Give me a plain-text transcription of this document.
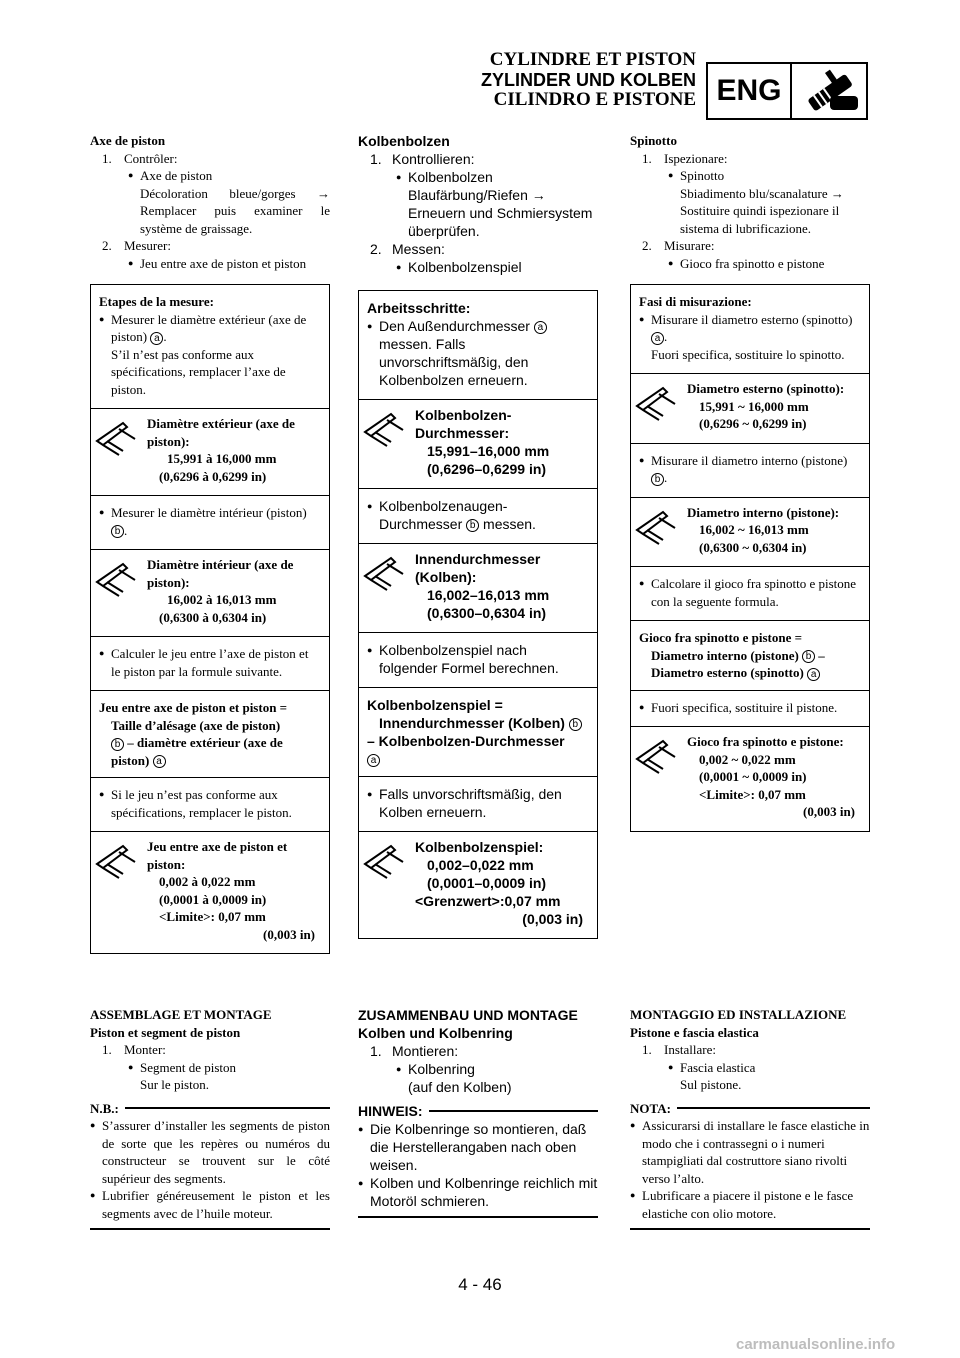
CYLINDRE ET PISTON
ZYLINDER UND KOLBEN
CILINDRO E PISTONE ENG
Axe de piston
1. Contrôler:
● Axe de piston
Décoloration bleue/gorges → Remplacer puis examiner le système de graissage.
2. Mesurer:
● Jeu entre axe de piston et piston
Etapes de la mesure:
● Mesurer le diamètre extérieur (axe de piston) a .
S’il n’est pas conforme aux spécifications, remplacer l’axe de piston.
Diamètre extérieur (axe de piston):
15,991 à 16,000 mm
(0,6296 à 0,6299 in)
● Mesurer le diamètre intérieur (piston) b .
Diamètre intérieur (axe de piston):
16,002 à 16,013 mm
(0,6300 à 0,6304 in)
● Calculer le jeu entre l’axe de piston et le piston par la formule suivante.
Jeu entre axe de piston et piston =
Taille d’alésage (axe de piston)
b – diamètre extérieur (axe de piston) a
● Si le jeu n’est pas conforme aux spécifications, remplacer le piston.
Jeu entre axe de piston et piston:
0,002 à 0,022 mm
(0,0001 à 0,0009 in)
<Limite>: 0,07 mm
(0,003 in)
Kolbenbolzen
1. Kontrollieren:
● Kolbenbolzen
Blaufärbung/Riefen → Erneuern und Schmiersystem überprüfen.
2. Messen:
● Kolbenbolzenspiel
Arbeitsschritte:
● Den Außendurchmesser a messen. Falls unvorschriftsmäßig, den Kolbenbolzen erneuern.
Kolbenbolzen-Durchmesser:
15,991–16,000 mm
(0,6296–0,6299 in)
● Kolbenbolzenaugen-Durchmesser b messen.
Innendurchmesser (Kolben):
16,002–16,013 mm
(0,6300–0,6304 in)
● Kolbenbolzenspiel nach folgender Formel berechnen.
Kolbenbolzenspiel =
Innendurchmesser (Kolben) b
– Kolbenbolzen-Durchmesser
a
● Falls unvorschriftsmäßig, den Kolben erneuern.
Kolbenbolzenspiel:
0,002–0,022 mm
(0,0001–0,0009 in)
<Grenzwert>:0,07 mm
(0,003 in)
Spinotto
1. Ispezionare:
● Spinotto
Sbiadimento blu/scanalature → Sostituire quindi ispezionare il sistema di lubrificazione.
2. Misurare:
● Gioco fra spinotto e pistone
Fasi di misurazione:
● Misurare il diametro esterno (spinotto) a .
Fuori specifica, sostituire lo spinotto.
Diametro esterno (spinotto):
15,991 ~ 16,000 mm
(0,6296 ~ 0,6299 in)
● Misurare il diametro interno (pistone) b .
Diametro interno (pistone):
16,002 ~ 16,013 mm
(0,6300 ~ 0,6304 in)
● Calcolare il gioco fra spinotto e pistone con la seguente formula.
Gioco fra spinotto e pistone =
Diametro interno (pistone) b –
Diametro esterno (spinotto) a
● Fuori specifica, sostituire il pistone.
Gioco fra spinotto e pistone:
0,002 ~ 0,022 mm
(0,0001 ~ 0,0009 in)
<Limite>: 0,07 mm
(0,003 in)
ASSEMBLAGE ET MONTAGE
Piston et segment de piston
1. Monter:
● Segment de piston
Sur le piston.
N.B.:
● S’assurer d’installer les segments de piston de sorte que les repères ou numéros du constructeur se trouvent sur le côté supérieur des segments.
● Lubrifier généreusement le piston et les segments avec de l’huile moteur.
ZUSAMMENBAU UND MONTAGE
Kolben und Kolbenring
1. Montieren:
● Kolbenring
(auf den Kolben)
HINWEIS:
● Die Kolbenringe so montieren, daß die Herstellerangaben nach oben weisen.
● Kolben und Kolbenringe reichlich mit Motoröl schmieren.
MONTAGGIO ED INSTALLAZIONE
Pistone e fascia elastica
1. Installare:
● Fascia elastica
Sul pistone.
NOTA:
● Assicurarsi di installare le fasce elastiche in modo che i contrassegni o i numeri stampigliati dal costruttore siano rivolti verso l’alto.
● Lubrificare a piacere il pistone e le fasce elastiche con olio motore.
4 - 46
carmanualsonline.info
